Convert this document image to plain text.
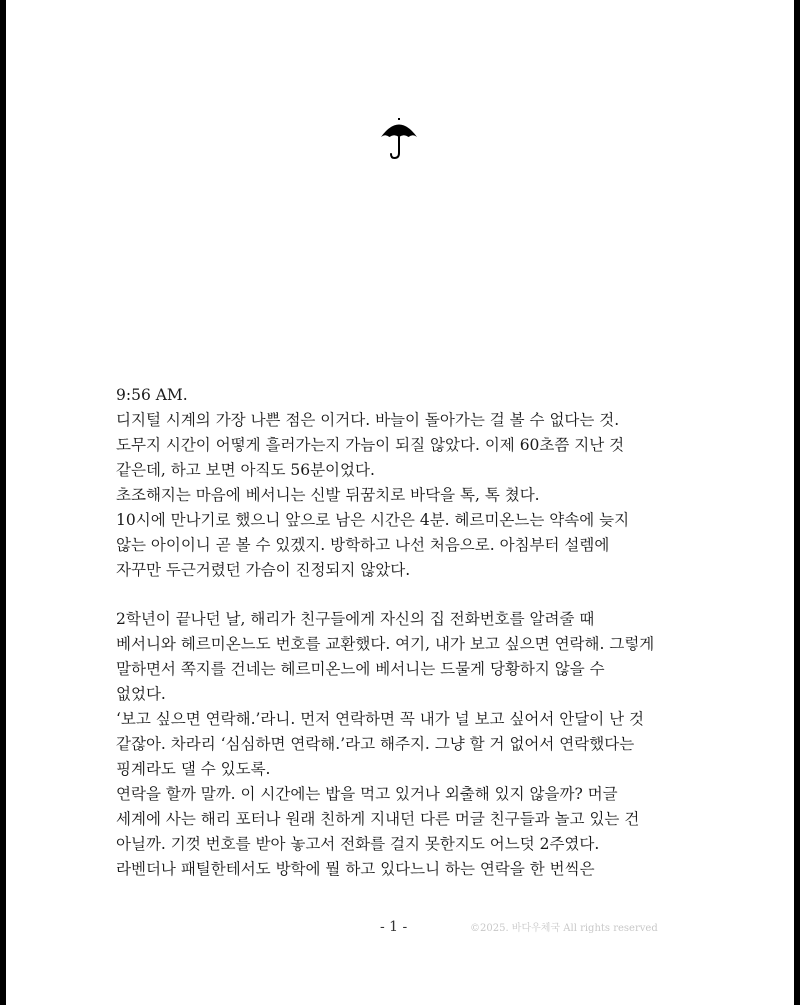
9:56 AM.
디지털 시계의 가장 나쁜 점은 이거다. 바늘이 돌아가는 걸 볼 수 없다는 것.
도무지 시간이 어떻게 흘러가는지 가늠이 되질 않았다. 이제 60초쯤 지난 것
같은데, 하고 보면 아직도 56분이었다.
초조해지는 마음에 베서니는 신발 뒤꿈치로 바닥을 톡, 톡 쳤다.
10시에 만나기로 했으니 앞으로 남은 시간은 4분. 헤르미온느는 약속에 늦지
않는 아이이니 곧 볼 수 있겠지. 방학하고 나선 처음으로. 아침부터 설렘에
자꾸만 두근거렸던 가슴이 진정되지 않았다.
2학년이 끝나던 날, 해리가 친구들에게 자신의 집 전화번호를 알려줄 때
베서니와 헤르미온느도 번호를 교환했다. 여기, 내가 보고 싶으면 연락해. 그렇게
말하면서 쪽지를 건네는 헤르미온느에 베서니는 드물게 당황하지 않을 수
없었다.
‘보고 싶으면 연락해.’라니. 먼저 연락하면 꼭 내가 널 보고 싶어서 안달이 난 것
같잖아. 차라리 ‘심심하면 연락해.’라고 해주지. 그냥 할 거 없어서 연락했다는
핑계라도 댈 수 있도록.
연락을 할까 말까. 이 시간에는 밥을 먹고 있거나 외출해 있지 않을까? 머글
세계에 사는 해리 포터나 원래 친하게 지내던 다른 머글 친구들과 놀고 있는 건
아닐까. 기껏 번호를 받아 놓고서 전화를 걸지 못한지도 어느덧 2주였다.
라벤더나 패틸한테서도 방학에 뭘 하고 있다느니 하는 연락을 한 번씩은
- 1 -	©2025. 바다우체국 All rights reserved
